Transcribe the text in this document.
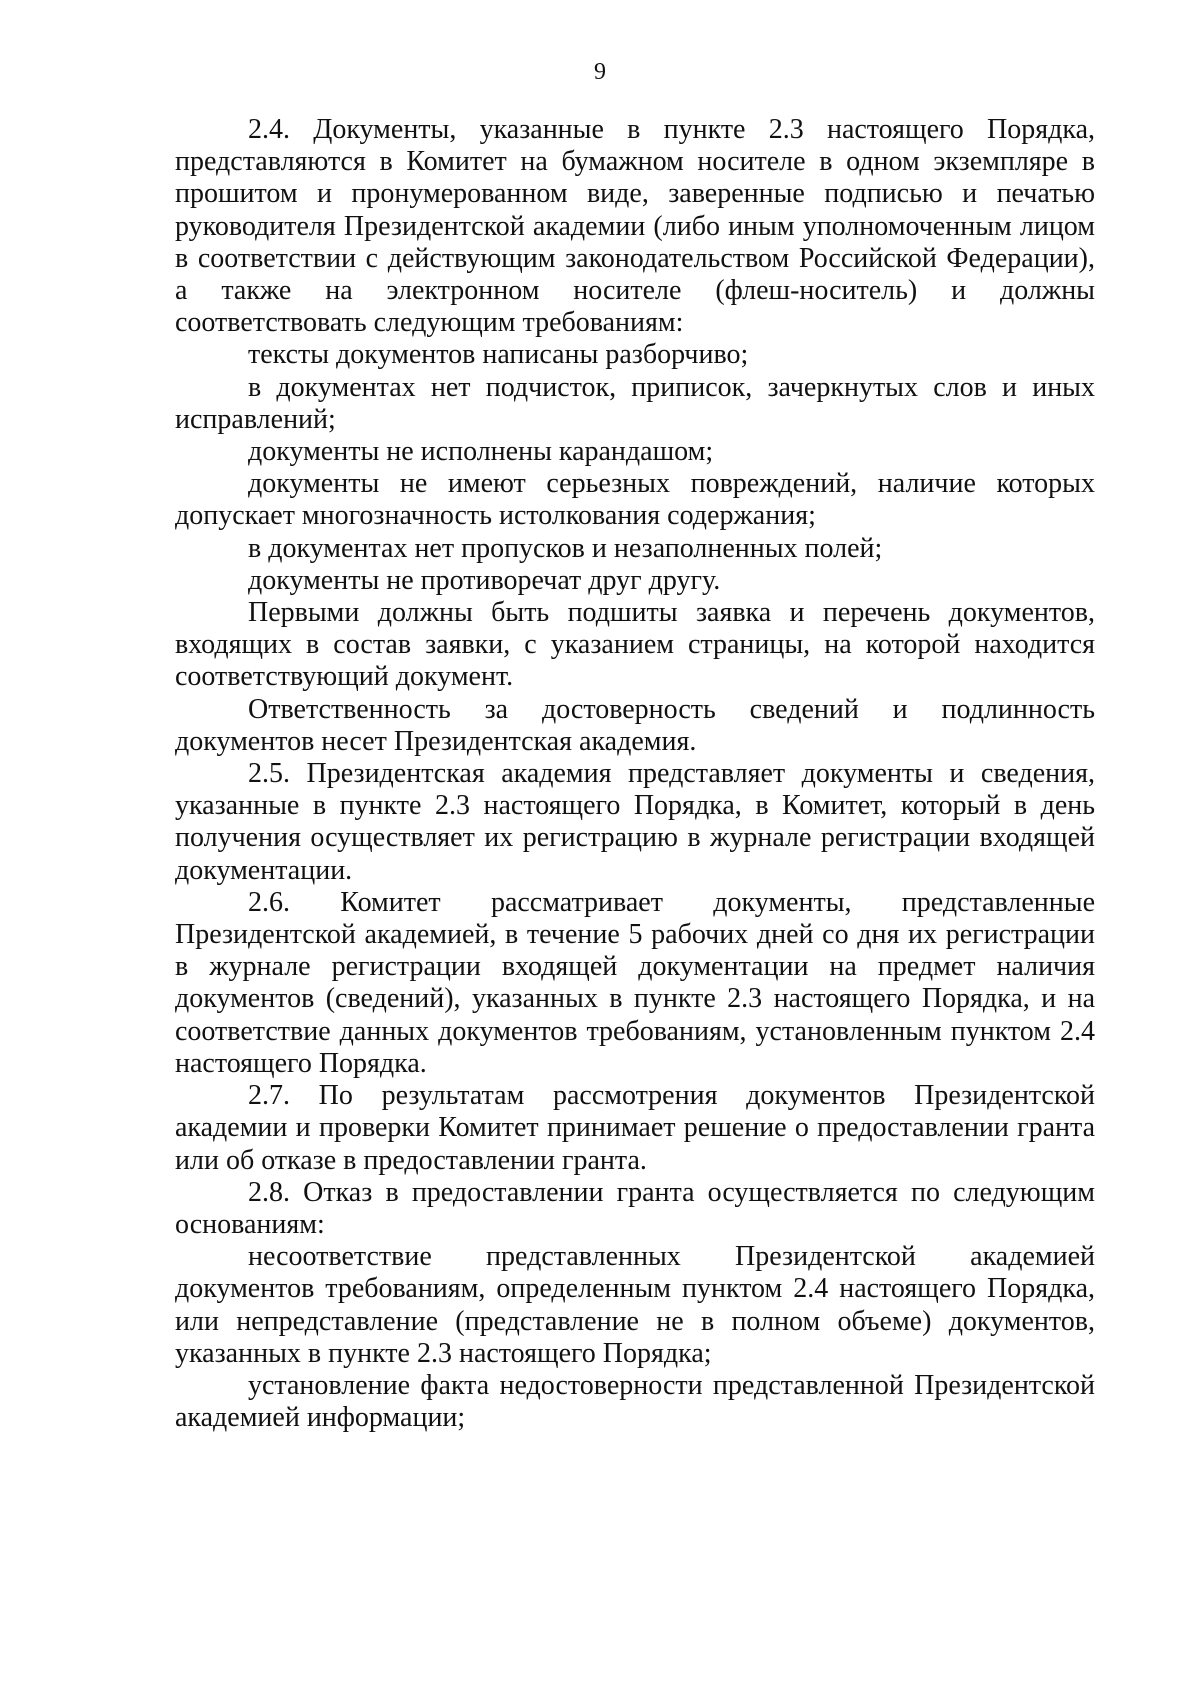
9

2.4. Документы, указанные в пункте 2.3 настоящего Порядка, представляются в Комитет на бумажном носителе в одном экземпляре в прошитом и пронумерованном виде, заверенные подписью и печатью руководителя Президентской академии (либо иным уполномоченным лицом в соответствии с действующим законодательством Российской Федерации), а также на электронном носителе (флеш-носитель) и должны соответствовать следующим требованиям:

тексты документов написаны разборчиво;

в документах нет подчисток, приписок, зачеркнутых слов и иных исправлений;

документы не исполнены карандашом;

документы не имеют серьезных повреждений, наличие которых допускает многозначность истолкования содержания;

в документах нет пропусков и незаполненных полей;

документы не противоречат друг другу.

Первыми должны быть подшиты заявка и перечень документов, входящих в состав заявки, с указанием страницы, на которой находится соответствующий документ.

Ответственность за достоверность сведений и подлинность документов несет Президентская академия.

2.5. Президентская академия представляет документы и сведения, указанные в пункте 2.3 настоящего Порядка, в Комитет, который в день получения осуществляет их регистрацию в журнале регистрации входящей документации.

2.6. Комитет рассматривает документы, представленные Президентской академией, в течение 5 рабочих дней со дня их регистрации в журнале регистрации входящей документации на предмет наличия документов (сведений), указанных в пункте 2.3 настоящего Порядка, и на соответствие данных документов требованиям, установленным пунктом 2.4 настоящего Порядка.

2.7. По результатам рассмотрения документов Президентской академии и проверки Комитет принимает решение о предоставлении гранта или об отказе в предоставлении гранта.

2.8. Отказ в предоставлении гранта осуществляется по следующим основаниям:

несоответствие представленных Президентской академией документов требованиям, определенным пунктом 2.4 настоящего Порядка, или непредставление (представление не в полном объеме) документов, указанных в пункте 2.3 настоящего Порядка;

установление факта недостоверности представленной Президентской академией информации;
